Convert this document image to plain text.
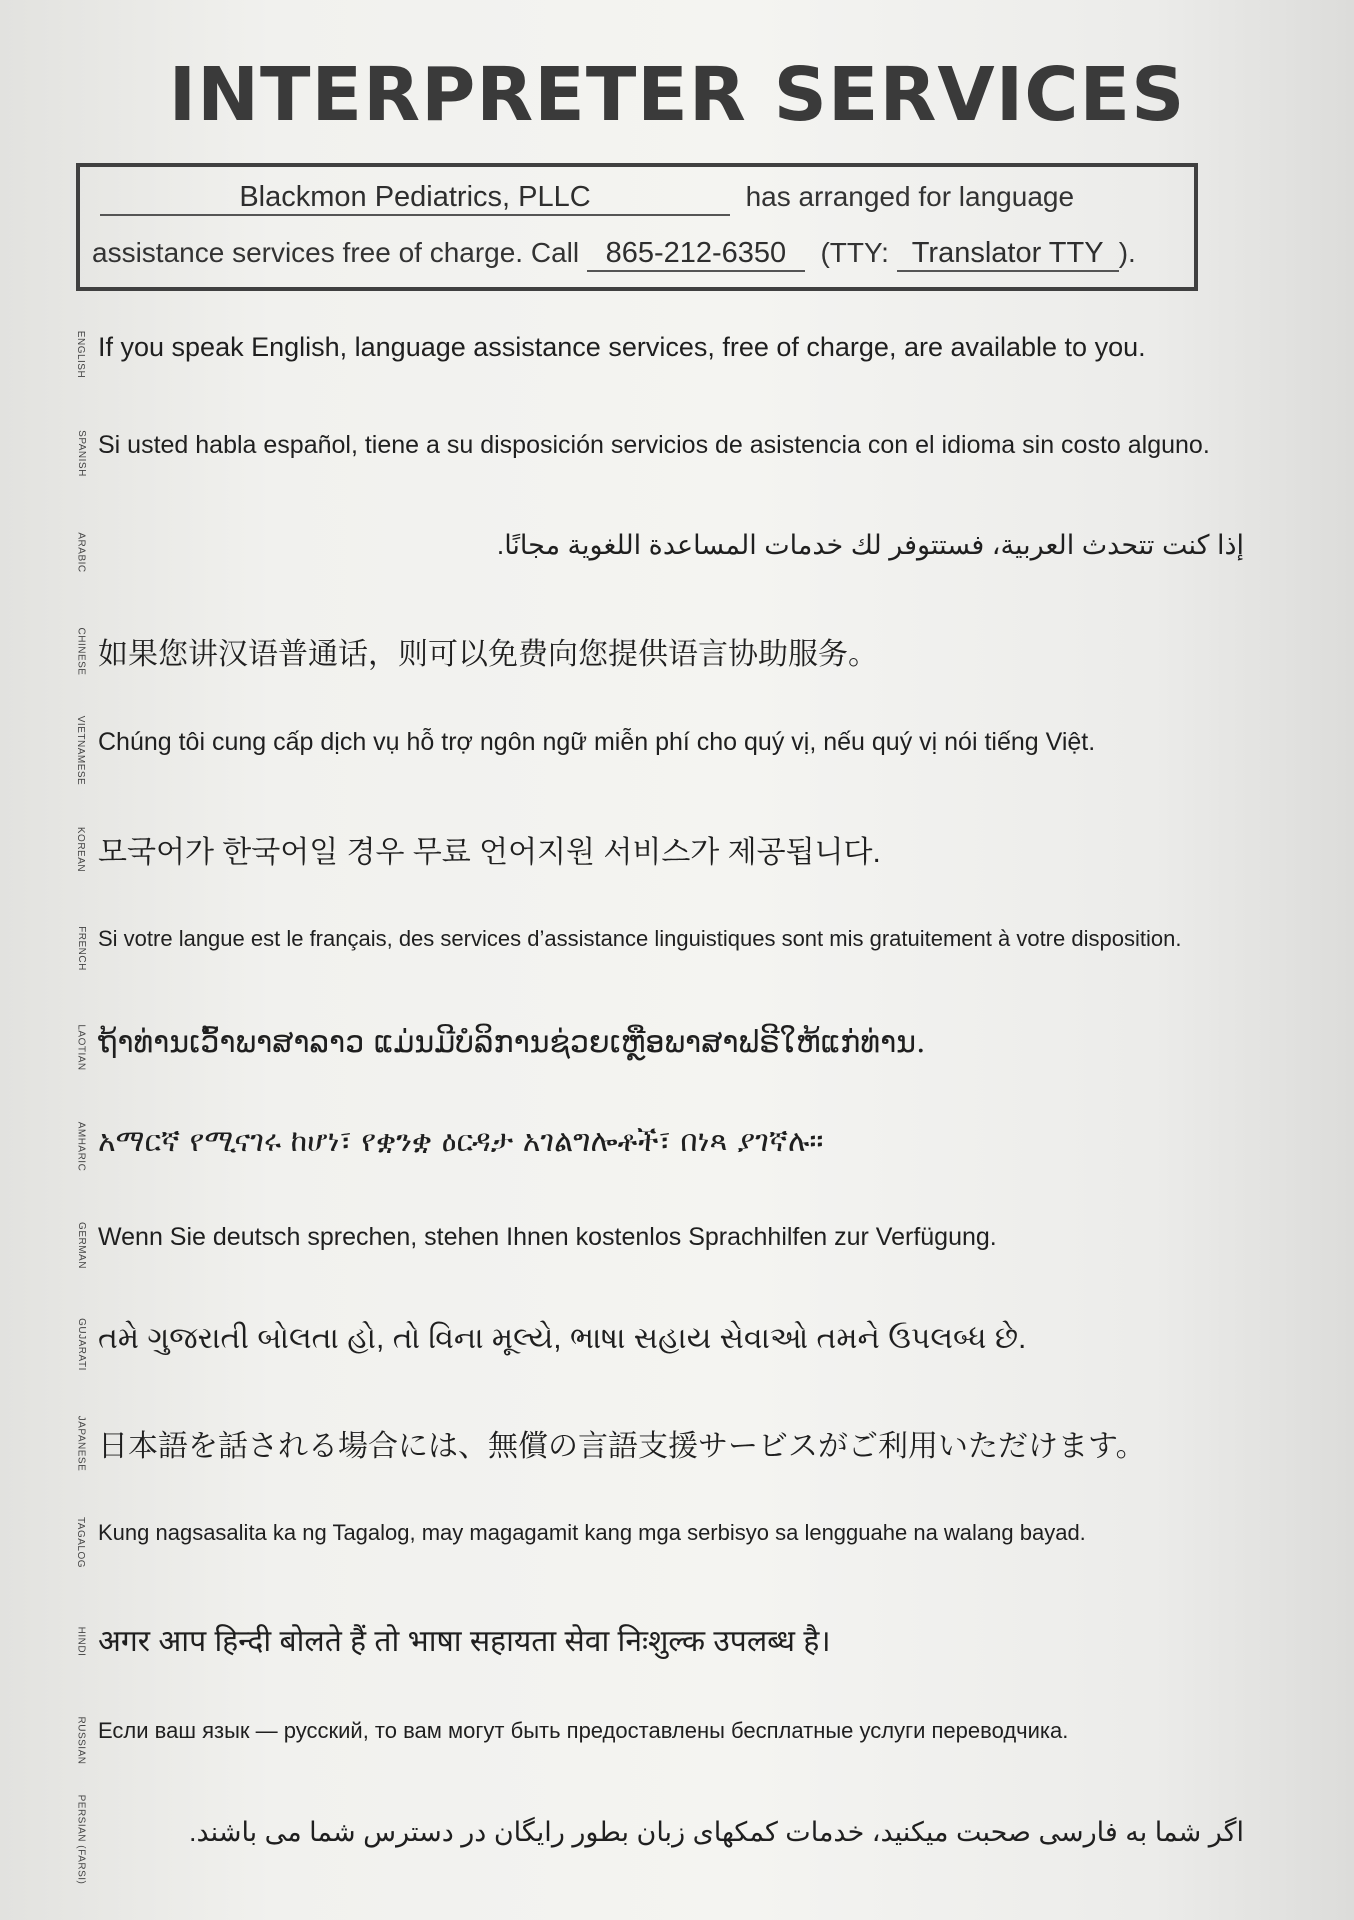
INTERPRETER SERVICES
Blackmon Pediatrics, PLLC	has arranged for language
assistance services free of charge. Call 865-212-6350 (TTY: Translator TTY ).
ENGLISH If you speak English, language assistance services, free of charge, are available to you.
SPANISH Si usted habla español, tiene a su disposición servicios de asistencia con el idioma sin costo alguno.
ARABIC	إذا كنت تتحدث العربية، فستتوفر لك خدمات المساعدة اللغوية مجانًا.
CHINESE 如果您讲汉语普通话，则可以免费向您提供语言协助服务。
VIETNAMESE Chúng tôi cung cấp dịch vụ hỗ trợ ngôn ngữ miễn phí cho quý vị, nếu quý vị nói tiếng Việt.
KOREAN 모국어가 한국어일 경우 무료 언어지원 서비스가 제공됩니다.
FRENCH Si votre langue est le français, des services d’assistance linguistiques sont mis gratuitement à votre disposition.
LAOTIAN ຖ້າທ່ານເວົ້າພາສາລາວ ແມ່ນມີບໍລິການຊ່ວຍເຫຼືອພາສາຟຣີໃຫ້ແກ່ທ່ານ.
AMHARIC አማርኛ የሚናገሩ ከሆነ፣ የቋንቋ ዕርዳታ አገልግሎቶች፣ በነጻ ያገኛሉ።
GERMAN Wenn Sie deutsch sprechen, stehen Ihnen kostenlos Sprachhilfen zur Verfügung.
GUJARATI તમે ગુજરાતી બોલતા હો, તો વિના મૂલ્યે, ભાષા સહાય સેવાઓ તમને ઉપલબ્ધ છે.
JAPANESE 日本語を話される場合には、無償の言語支援サービスがご利用いただけます。
TAGALOG Kung nagsasalita ka ng Tagalog, may magagamit kang mga serbisyo sa lengguahe na walang bayad.
HINDI अगर आप हिन्दी बोलते हैं तो भाषा सहायता सेवा निःशुल्क उपलब्ध है।
RUSSIAN Если ваш язык — русский, то вам могут быть предоставлены бесплатные услуги переводчика.
PERSIAN (FARSI)	اگر شما به فارسی صحبت میکنید، خدمات کمکهای زبان بطور رایگان در دسترس شما می باشند.
